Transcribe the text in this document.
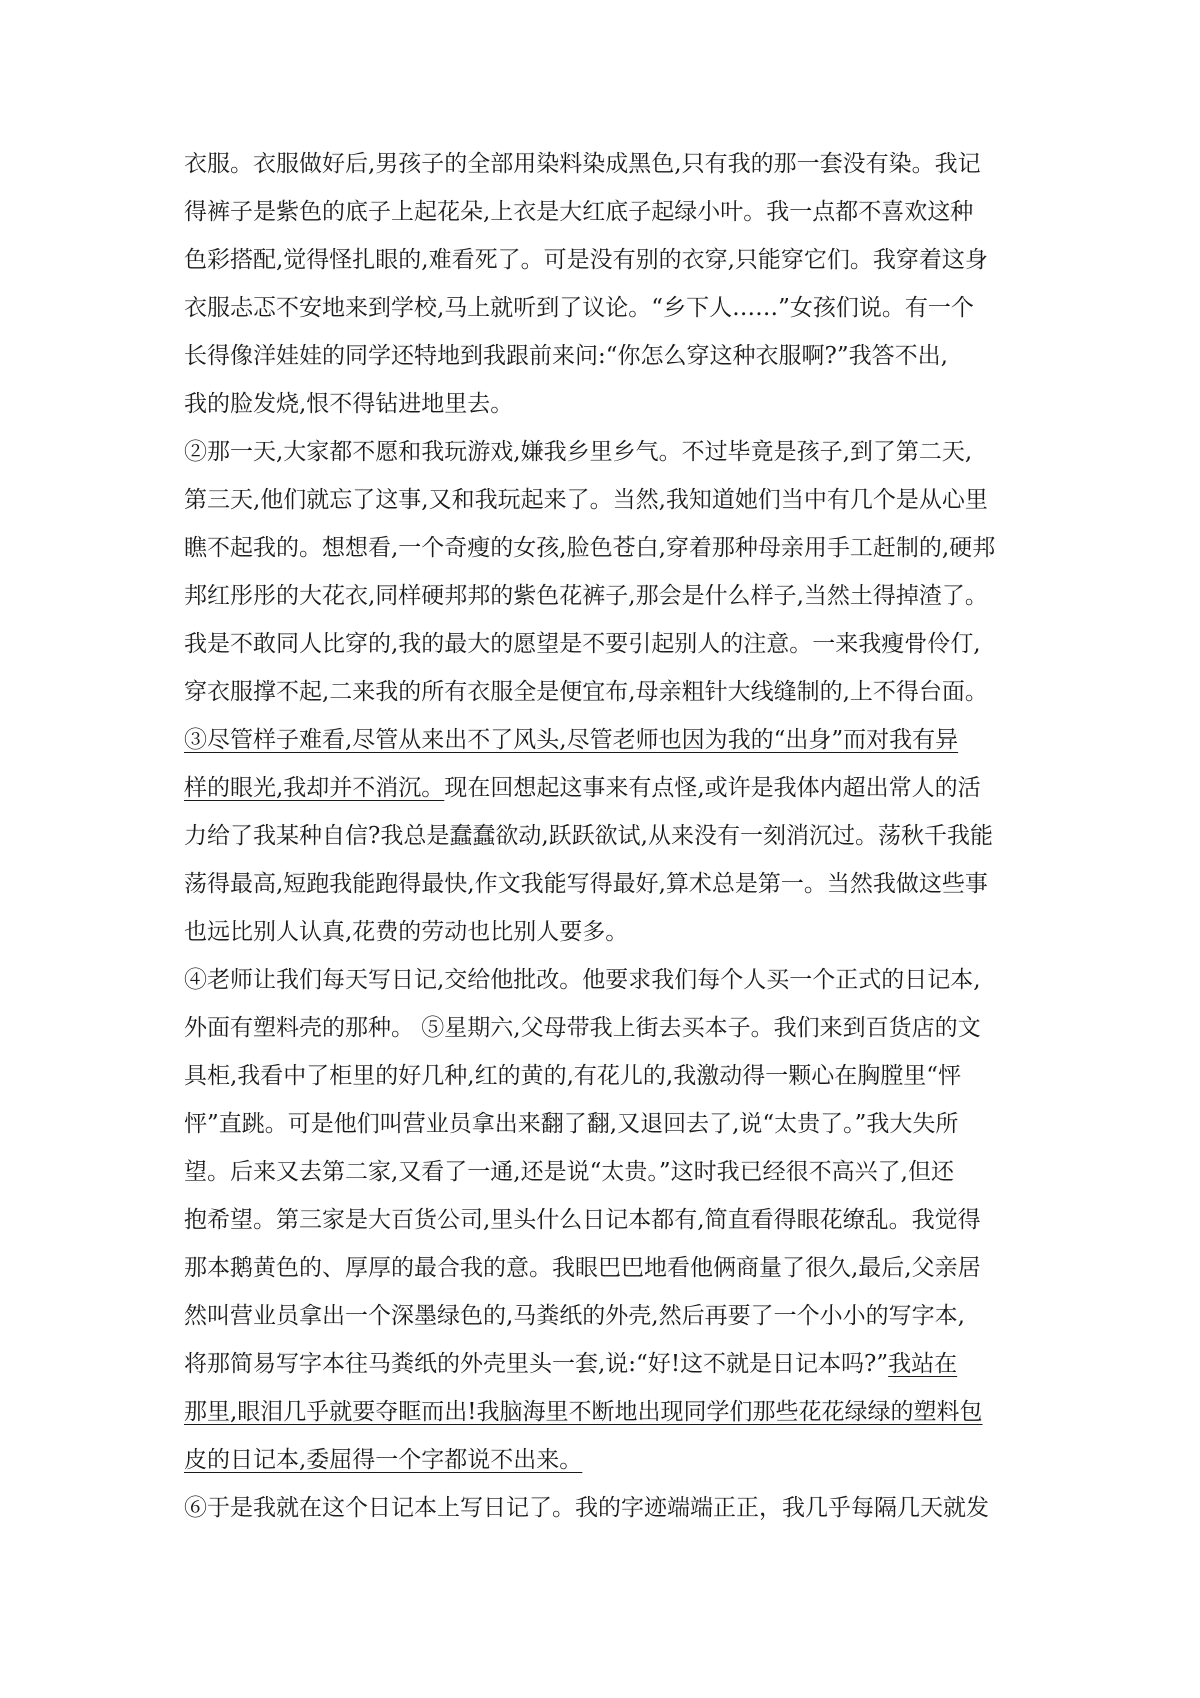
衣服。衣服做好后,男孩子的全部用染料染成黑色,只有我的那一套没有染。我记
得裤子是紫色的底子上起花朵,上衣是大红底子起绿小叶。我一点都不喜欢这种
色彩搭配,觉得怪扎眼的,难看死了。可是没有别的衣穿,只能穿它们。我穿着这身
衣服忐忑不安地来到学校,马上就听到了议论。“乡下人……”女孩们说。有一个
长得像洋娃娃的同学还特地到我跟前来问:“你怎么穿这种衣服啊?”我答不出,
我的脸发烧,恨不得钻进地里去。
②那一天,大家都不愿和我玩游戏,嫌我乡里乡气。不过毕竟是孩子,到了第二天,
第三天,他们就忘了这事,又和我玩起来了。当然,我知道她们当中有几个是从心里
瞧不起我的。想想看,一个奇瘦的女孩,脸色苍白,穿着那种母亲用手工赶制的,硬邦
邦红彤彤的大花衣,同样硬邦邦的紫色花裤子,那会是什么样子,当然土得掉渣了。
我是不敢同人比穿的,我的最大的愿望是不要引起别人的注意。一来我瘦骨伶仃,
穿衣服撑不起,二来我的所有衣服全是便宜布,母亲粗针大线缝制的,上不得台面。
③尽管样子难看,尽管从来出不了风头,尽管老师也因为我的“出身”而对我有异
样的眼光,我却并不消沉。现在回想起这事来有点怪,或许是我体内超出常人的活
力给了我某种自信?我总是蠢蠢欲动,跃跃欲试,从来没有一刻消沉过。荡秋千我能
荡得最高,短跑我能跑得最快,作文我能写得最好,算术总是第一。当然我做这些事
也远比别人认真,花费的劳动也比别人要多。
④老师让我们每天写日记,交给他批改。他要求我们每个人买一个正式的日记本,
外面有塑料壳的那种。 ⑤星期六,父母带我上街去买本子。我们来到百货店的文
具柜,我看中了柜里的好几种,红的黄的,有花儿的,我激动得一颗心在胸膛里“怦
怦”直跳。可是他们叫营业员拿出来翻了翻,又退回去了,说“太贵了。”我大失所
望。后来又去第二家,又看了一通,还是说“太贵。”这时我已经很不高兴了,但还
抱希望。第三家是大百货公司,里头什么日记本都有,简直看得眼花缭乱。我觉得
那本鹅黄色的、厚厚的最合我的意。我眼巴巴地看他俩商量了很久,最后,父亲居
然叫营业员拿出一个深墨绿色的,马粪纸的外壳,然后再要了一个小小的写字本,
将那简易写字本往马粪纸的外壳里头一套,说:“好!这不就是日记本吗?”我站在
那里,眼泪几乎就要夺眶而出!我脑海里不断地出现同学们那些花花绿绿的塑料包
皮的日记本,委屈得一个字都说不出来。
⑥于是我就在这个日记本上写日记了。我的字迹端端正正，我几乎每隔几天就发
